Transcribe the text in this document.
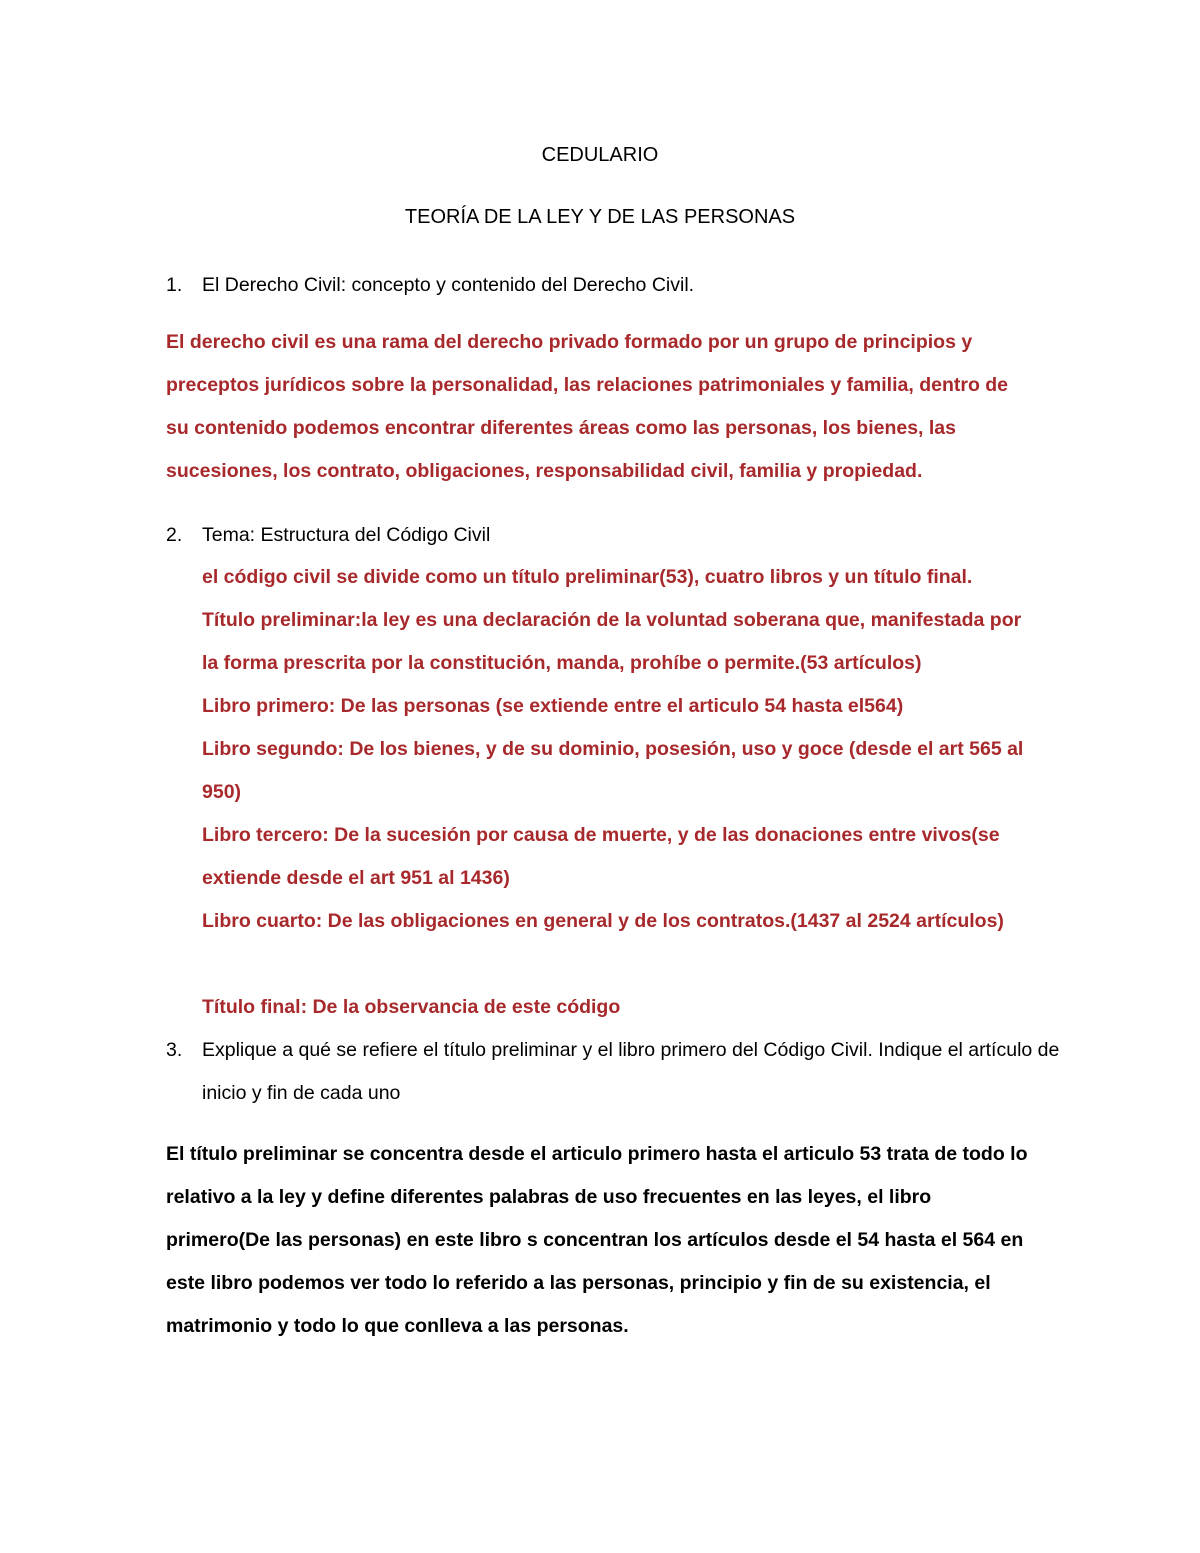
CEDULARIO
TEORÍA DE LA LEY Y DE LAS PERSONAS
1. El Derecho Civil: concepto y contenido del Derecho Civil.
El derecho civil es una rama del derecho privado formado por un grupo de principios y preceptos jurídicos sobre la personalidad, las relaciones patrimoniales y familia, dentro de su contenido podemos encontrar diferentes áreas como las personas, los bienes, las sucesiones, los contrato, obligaciones, responsabilidad civil, familia y propiedad.
2. Tema: Estructura del Código Civil
el código civil se divide como un título preliminar(53), cuatro libros y un título final.
Título preliminar:la ley es una declaración de la voluntad soberana que, manifestada por la forma prescrita por la constitución, manda, prohíbe o permite.(53 artículos)
Libro primero: De las personas (se extiende entre el articulo 54 hasta el564)
Libro segundo: De los bienes, y de su dominio, posesión, uso y goce (desde el art 565 al 950)
Libro tercero: De la sucesión por causa de muerte, y de las donaciones entre vivos(se extiende desde el art 951 al 1436)
Libro cuarto: De las obligaciones en general y de los contratos.(1437 al 2524 artículos)
Título final: De la observancia de este código
3. Explique a qué se refiere el título preliminar y el libro primero del Código Civil. Indique el artículo de inicio y fin de cada uno
El título preliminar se concentra desde el articulo primero hasta el articulo 53 trata de todo lo relativo a la ley y define diferentes palabras de uso frecuentes en las leyes, el libro primero(De las personas) en este libro s concentran los artículos desde el 54 hasta el 564 en este libro podemos ver todo lo referido a las personas, principio y fin de su existencia, el matrimonio y todo lo que conlleva a las personas.
